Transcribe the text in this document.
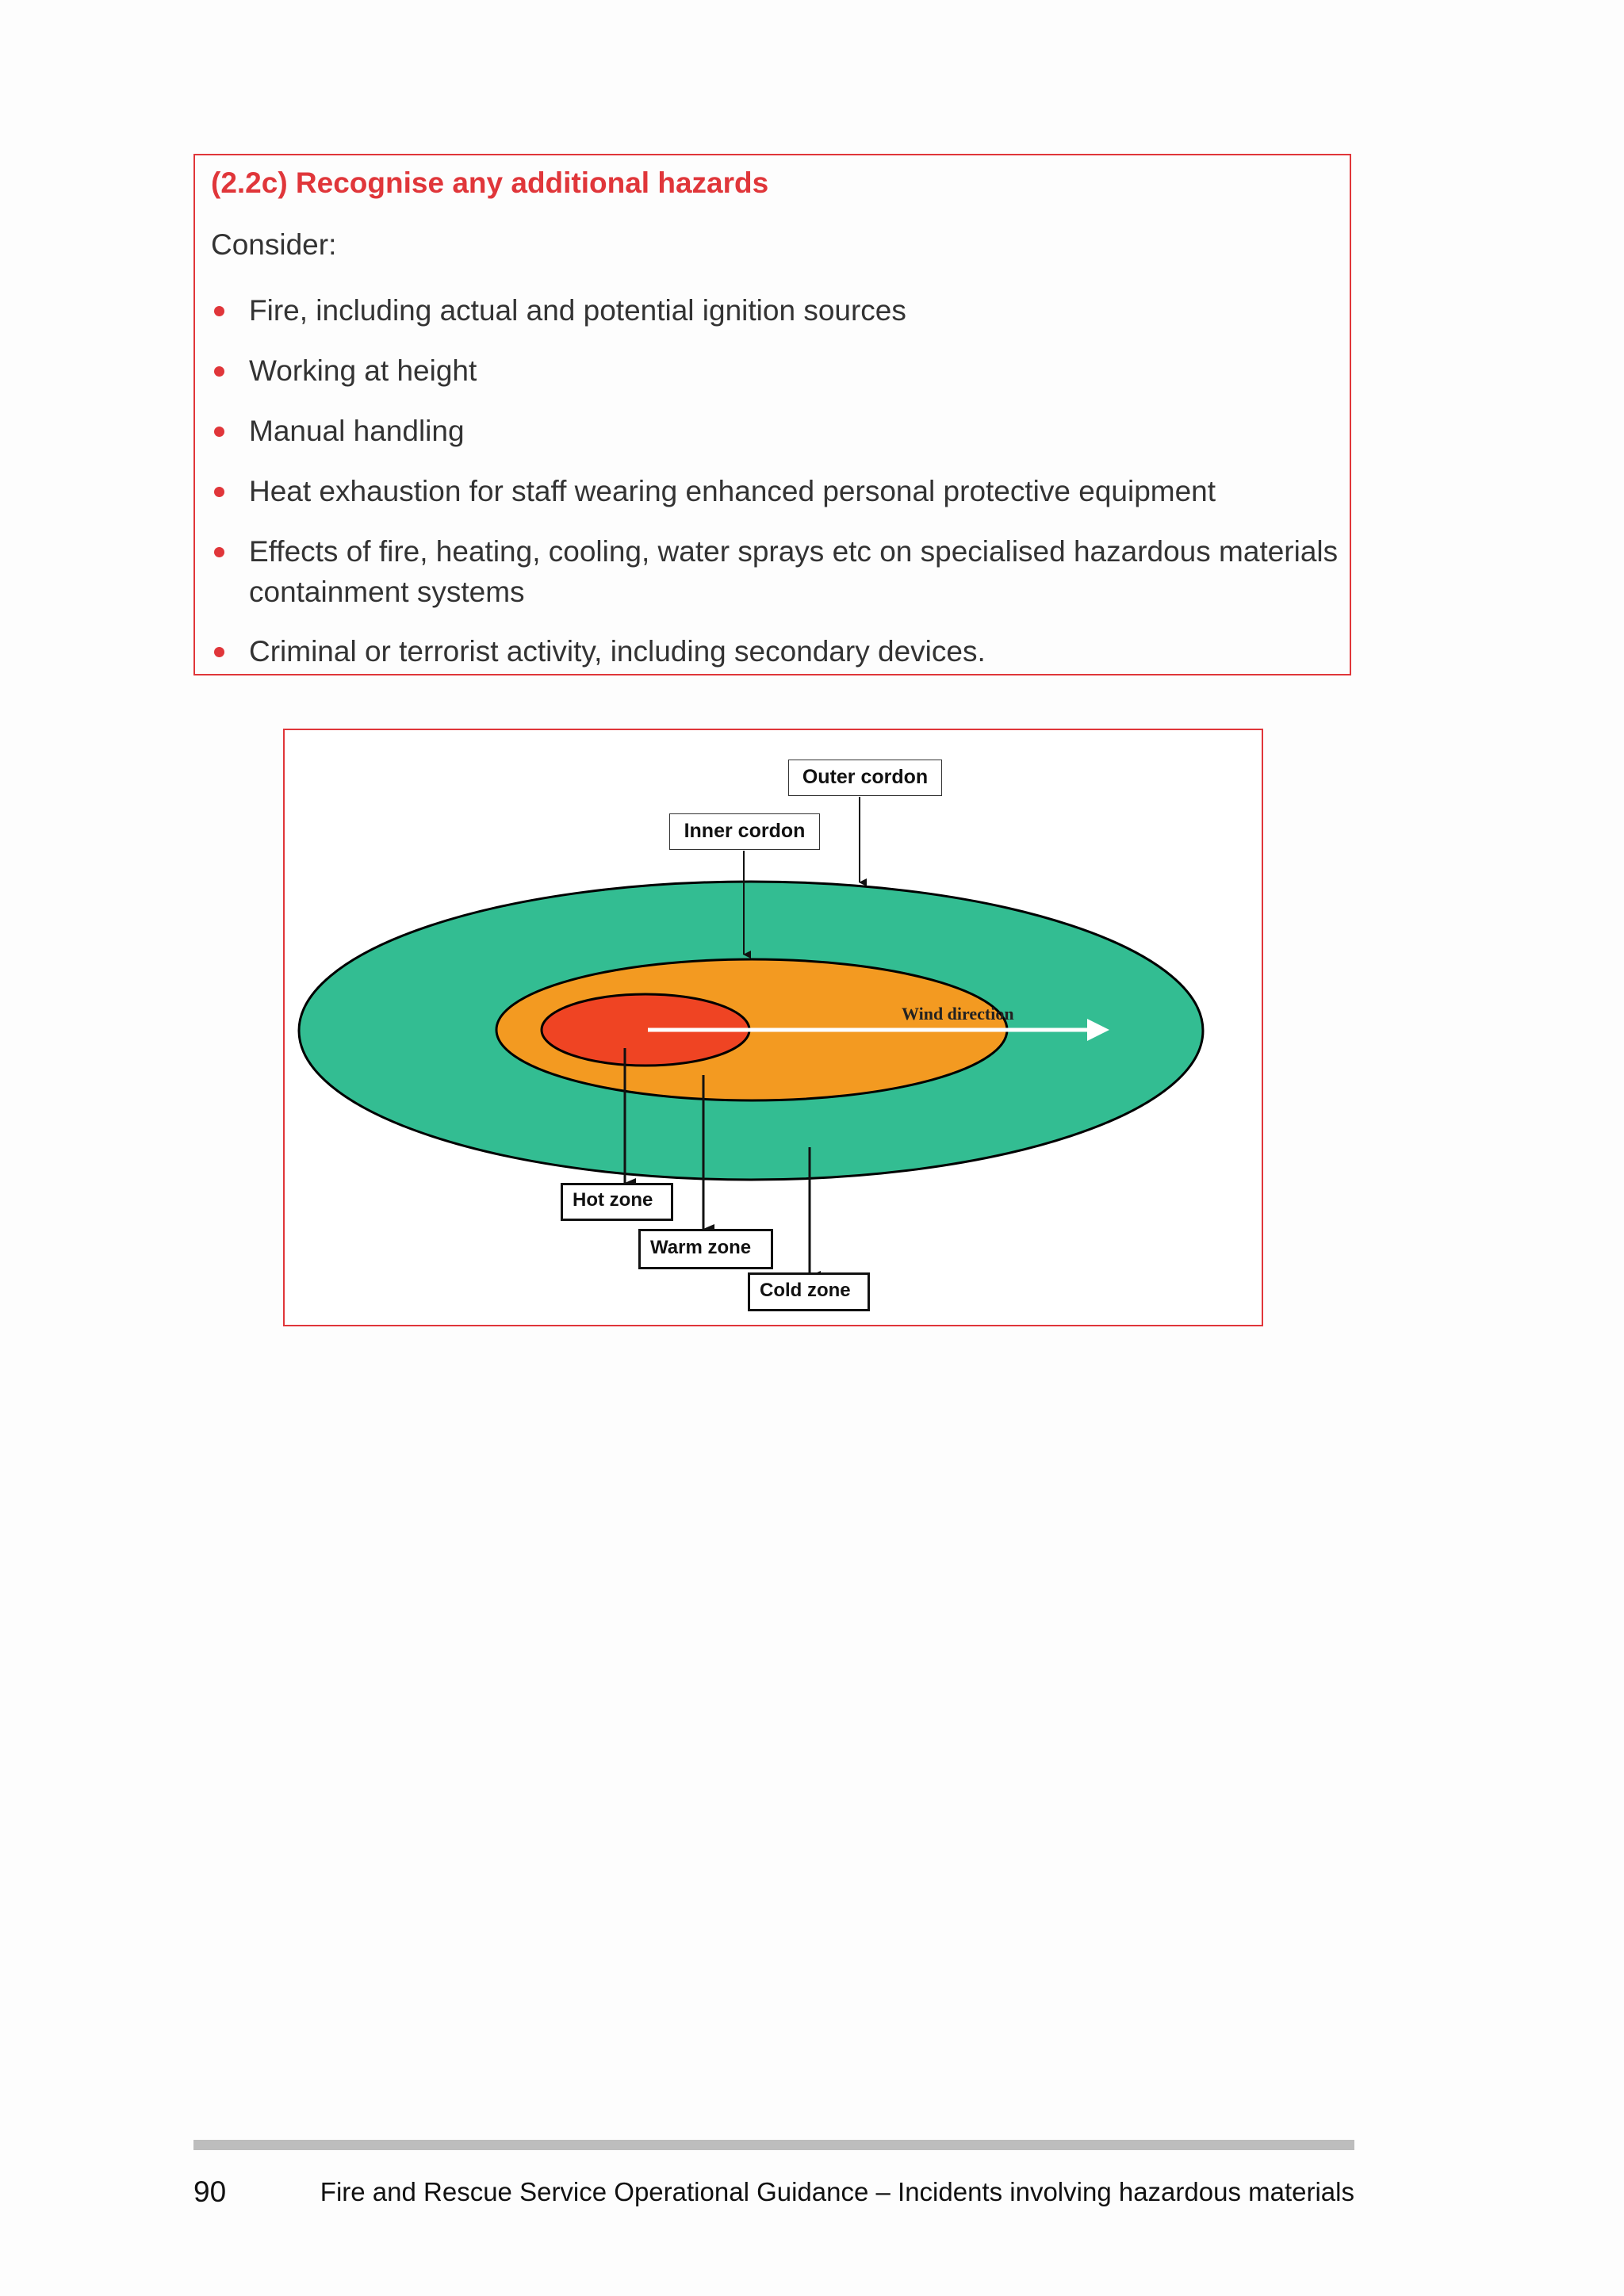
(2.2c) Recognise any additional hazards
Consider:
Fire, including actual and potential ignition sources
Working at height
Manual handling
Heat exhaustion for staff wearing enhanced personal protective equipment
Effects of fire, heating, cooling, water sprays etc on specialised hazardous materials containment systems
Criminal or terrorist activity, including secondary devices.
Outer cordon
Inner cordon
Wind direction
Hot zone
Warm zone
Cold zone
90	Fire and Rescue Service Operational Guidance – Incidents involving hazardous materials
